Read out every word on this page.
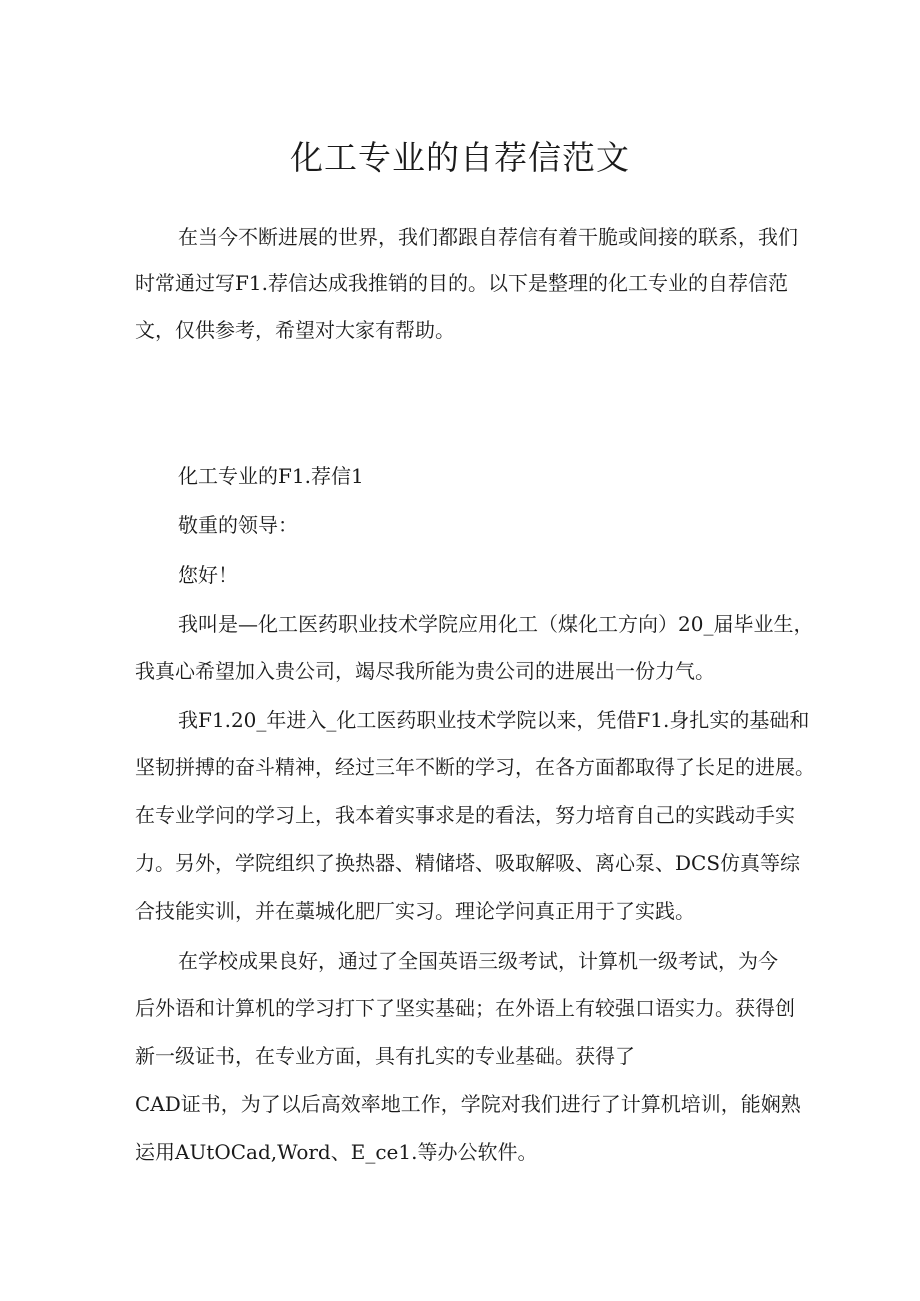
化工专业的自荐信范文
在当今不断进展的世界，我们都跟自荐信有着干脆或间接的联系，我们
时常通过写F1.荐信达成我推销的目的。以下是整理的化工专业的自荐信范
文，仅供参考，希望对大家有帮助。
化工专业的F1.荐信1
敬重的领导：
您好！
我叫是—化工医药职业技术学院应用化工（煤化工方向）20_届毕业生，
我真心希望加入贵公司，竭尽我所能为贵公司的进展出一份力气。
我F1.20_年进入_化工医药职业技术学院以来，凭借F1.身扎实的基础和
坚韧拼搏的奋斗精神，经过三年不断的学习，在各方面都取得了长足的进展。
在专业学问的学习上，我本着实事求是的看法，努力培育自己的实践动手实
力。另外，学院组织了换热器、精储塔、吸取解吸、离心泵、DCS仿真等综
合技能实训，并在藁城化肥厂实习。理论学问真正用于了实践。
在学校成果良好，通过了全国英语三级考试，计算机一级考试，为今
后外语和计算机的学习打下了坚实基础；在外语上有较强口语实力。获得创
新一级证书，在专业方面，具有扎实的专业基础。获得了
CAD证书，为了以后高效率地工作，学院对我们进行了计算机培训，能娴熟
运用AUtOCad,Word、E_ce1.等办公软件。
